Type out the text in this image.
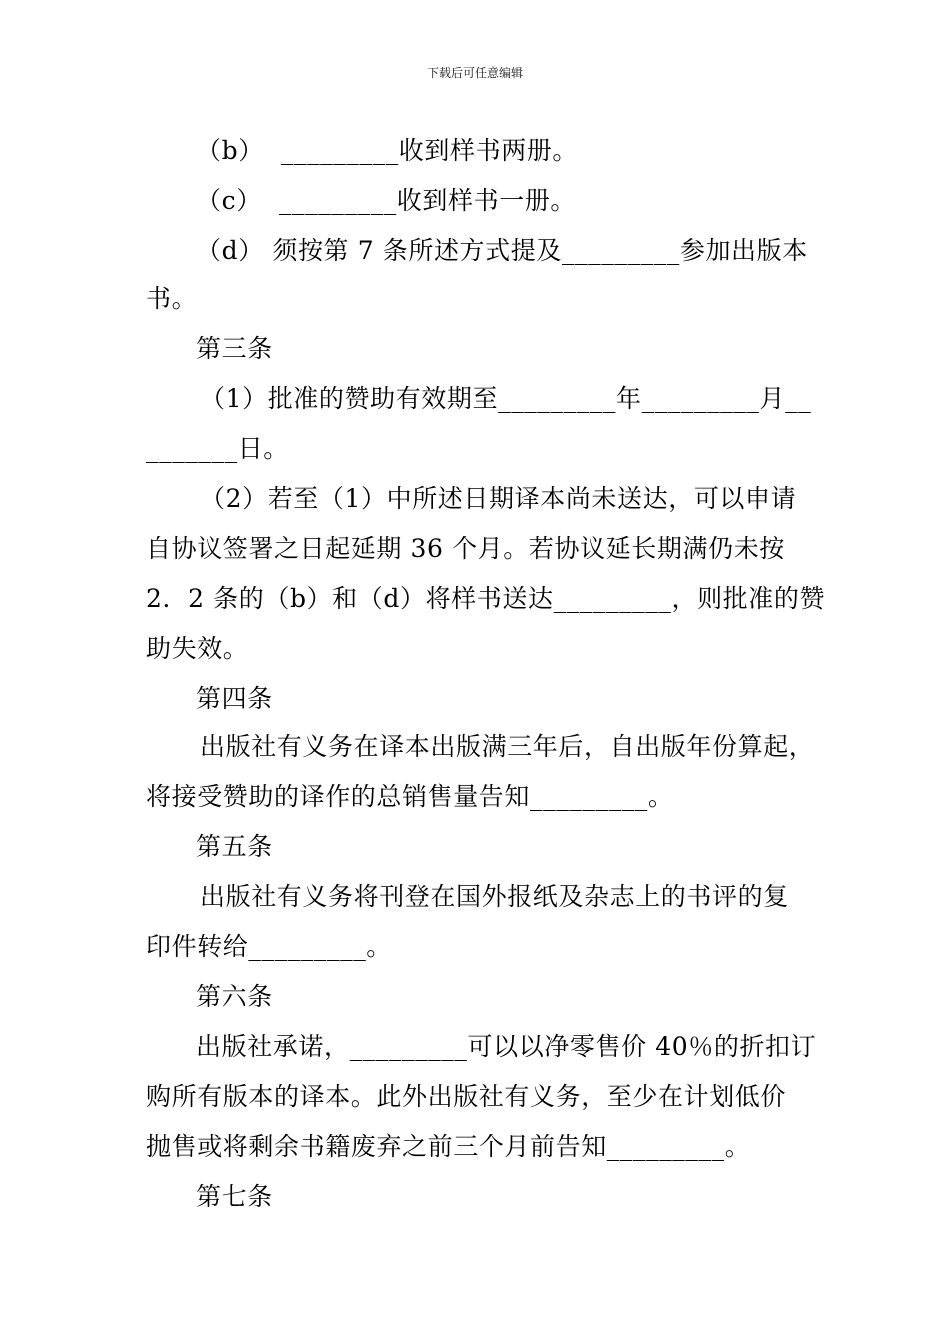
下载后可任意编辑
（b）  _________收到样书两册。
（c）  _________收到样书一册。
（d） 须按第 7 条所述方式提及_________参加出版本
书。
第三条
（1）批准的赞助有效期至_________年_________月__
_______日。
（2）若至（1）中所述日期译本尚未送达，可以申请
自协议签署之日起延期 36 个月。若协议延长期满仍未按
2．2 条的（b）和（d）将样书送达_________，则批准的赞
助失效。
第四条
出版社有义务在译本出版满三年后，自出版年份算起，
将接受赞助的译作的总销售量告知_________。
第五条
出版社有义务将刊登在国外报纸及杂志上的书评的复
印件转给_________。
第六条
出版社承诺，_________可以以净零售价 40％的折扣订
购所有版本的译本。此外出版社有义务，至少在计划低价
抛售或将剩余书籍废弃之前三个月前告知_________。
第七条
